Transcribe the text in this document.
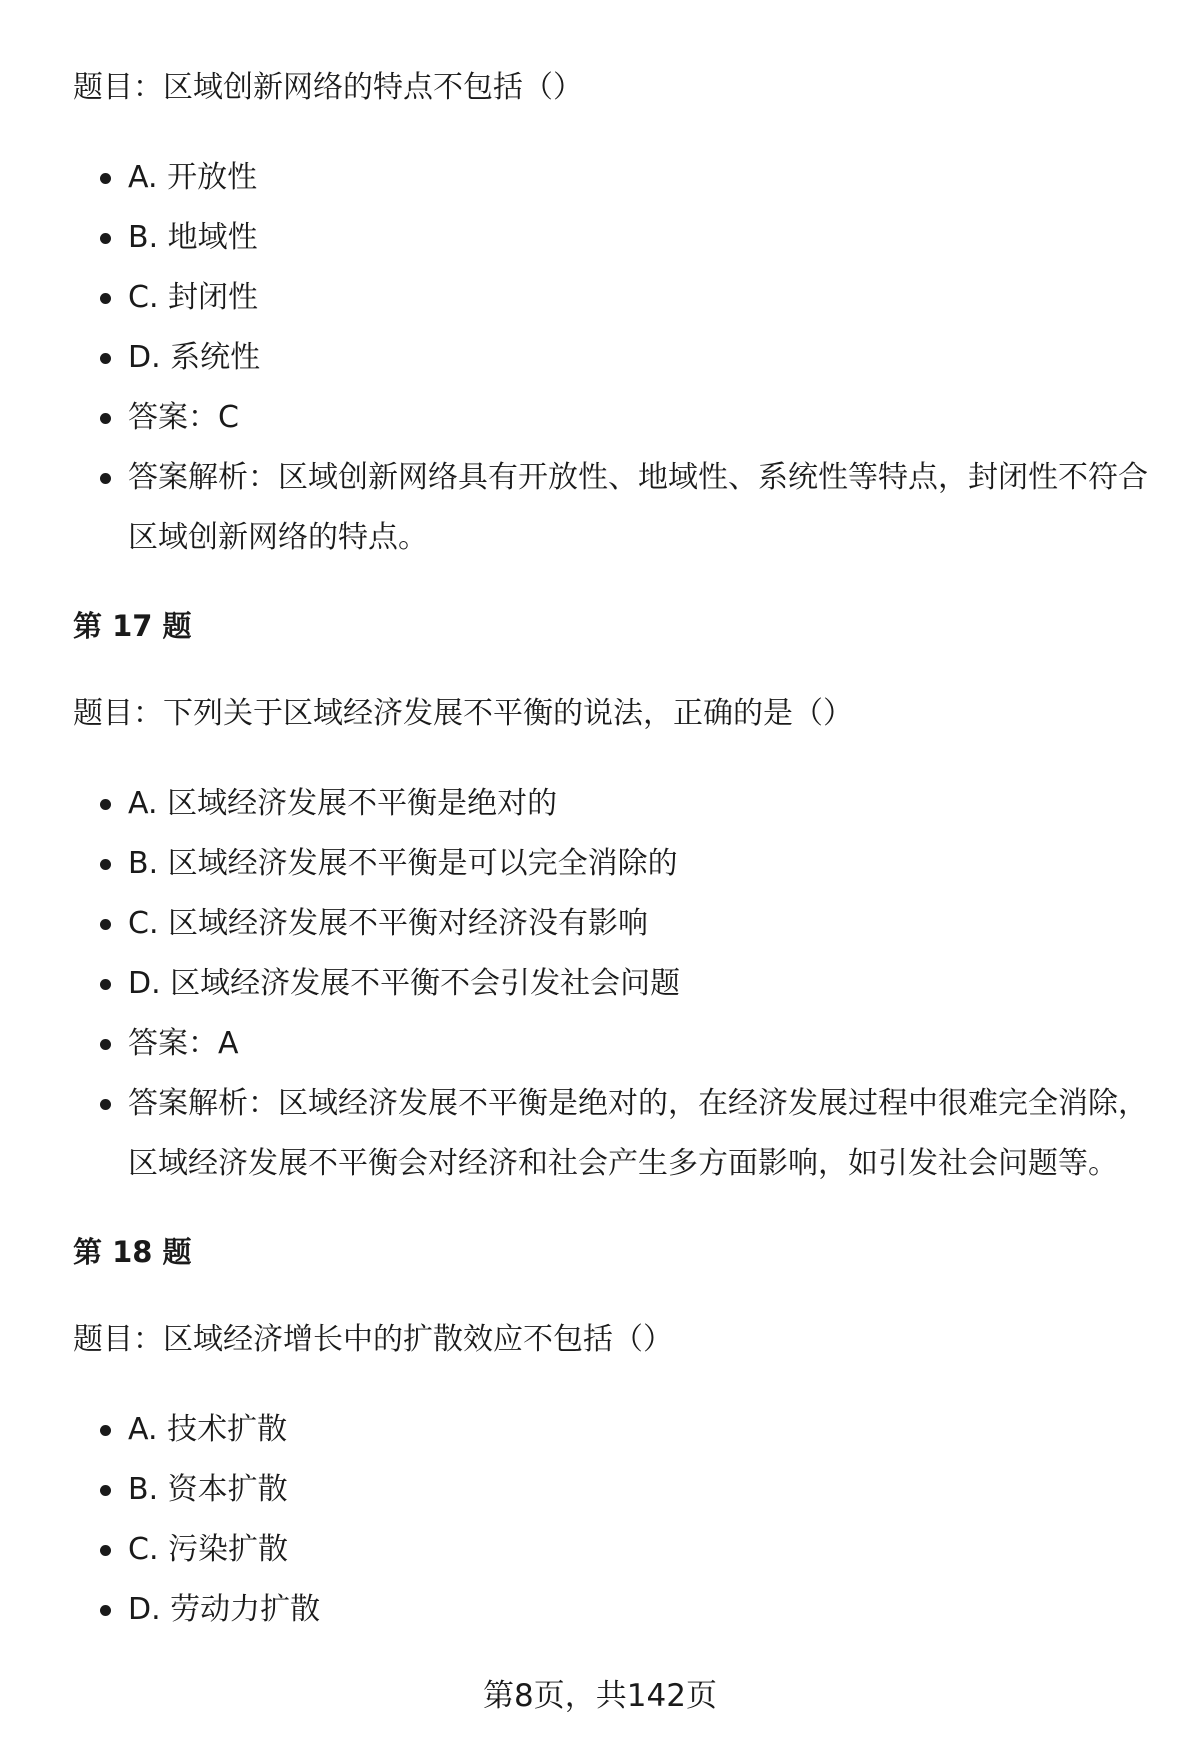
题目：区域创新网络的特点不包括（）

A. 开放性
B. 地域性
C. 封闭性
D. 系统性
答案：C
答案解析：区域创新网络具有开放性、地域性、系统性等特点，封闭性不符合区域创新网络的特点。

第 17 题

题目：下列关于区域经济发展不平衡的说法，正确的是（）

A. 区域经济发展不平衡是绝对的
B. 区域经济发展不平衡是可以完全消除的
C. 区域经济发展不平衡对经济没有影响
D. 区域经济发展不平衡不会引发社会问题
答案：A
答案解析：区域经济发展不平衡是绝对的，在经济发展过程中很难完全消除，区域经济发展不平衡会对经济和社会产生多方面影响，如引发社会问题等。

第 18 题

题目：区域经济增长中的扩散效应不包括（）

A. 技术扩散
B. 资本扩散
C. 污染扩散
D. 劳动力扩散
第8页，共142页
